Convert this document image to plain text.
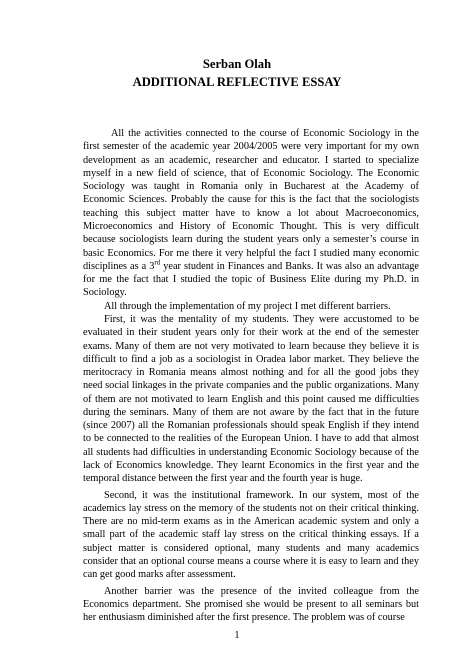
Serban Olah
ADDITIONAL REFLECTIVE ESSAY

All the activities connected to the course of Economic Sociology in the first semester of the academic year 2004/2005 were very important for my own development as an academic, researcher and educator. I started to specialize myself in a new field of science, that of Economic Sociology. The Economic Sociology was taught in Romania only in Bucharest at the Academy of Economic Sciences. Probably the cause for this is the fact that the sociologists teaching this subject matter have to know a lot about Macroeconomics, Microeconomics and History of Economic Thought. This is very difficult because sociologists learn during the student years only a semester’s course in basic Economics. For me there it very helpful the fact I studied many economic disciplines as a 3rd year student in Finances and Banks. It was also an advantage for me the fact that I studied the topic of Business Elite during my Ph.D. in Sociology.

All through the implementation of my project I met different barriers.

First, it was the mentality of my students. They were accustomed to be evaluated in their student years only for their work at the end of the semester exams. Many of them are not very motivated to learn because they believe it is difficult to find a job as a sociologist in Oradea labor market. They believe the meritocracy in Romania means almost nothing and for all the good jobs they need social linkages in the private companies and the public organizations. Many of them are not motivated to learn English and this point caused me difficulties during the seminars. Many of them are not aware by the fact that in the future (since 2007) all the Romanian professionals should speak English if they intend to be connected to the realities of the European Union. I have to add that almost all students had difficulties in understanding Economic Sociology because of the lack of Economics knowledge. They learnt Economics in the first year and the temporal distance between the first year and the fourth year is huge.

Second, it was the institutional framework. In our system, most of the academics lay stress on the memory of the students not on their critical thinking. There are no mid-term exams as in the American academic system and only a small part of the academic staff lay stress on the critical thinking essays. If a subject matter is considered optional, many students and many academics consider that an optional course means a course where it is easy to learn and they can get good marks after assessment.

Another barrier was the presence of the invited colleague from the Economics department. She promised she would be present to all seminars but her enthusiasm diminished after the first presence. The problem was of course

1
